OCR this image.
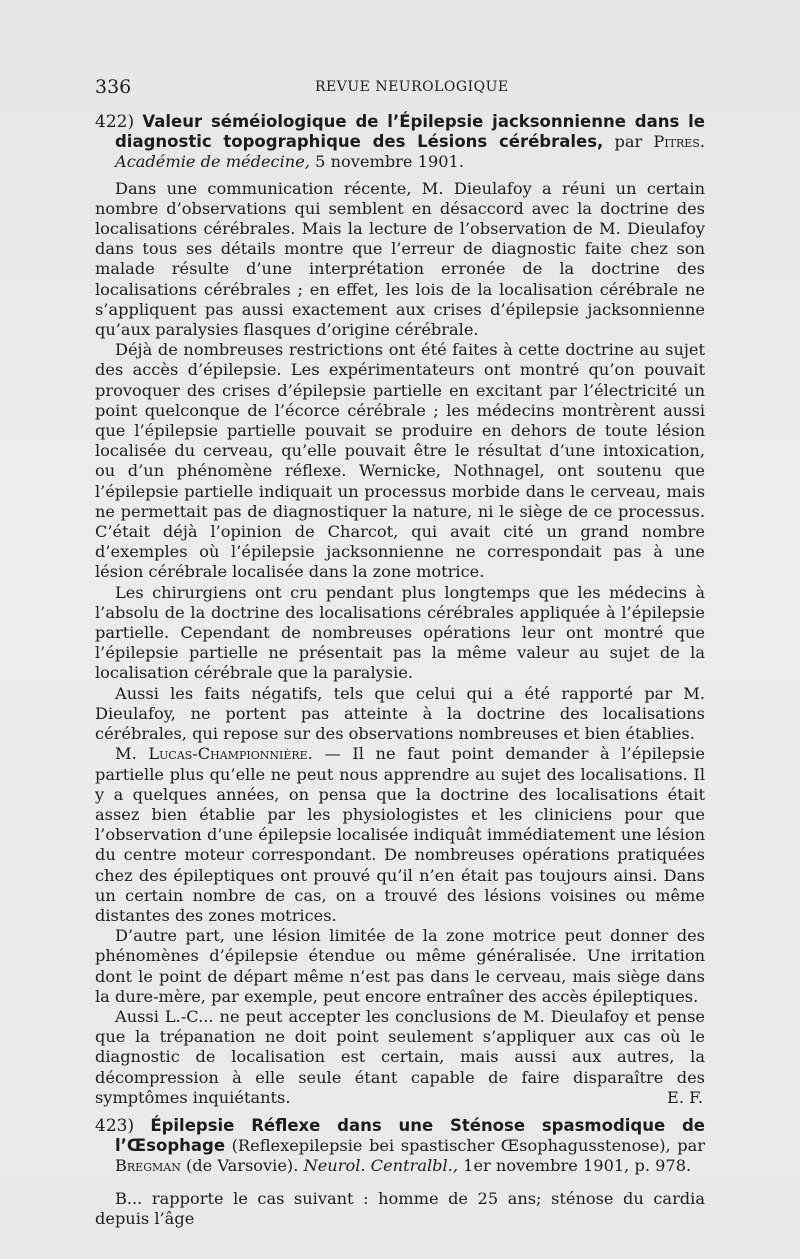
336	REVUE NEUROLOGIQUE
422) Valeur séméiologique de l’Épilepsie jacksonnienne dans le diagnostic topographique des Lésions cérébrales, par Pitres. Académie de médecine, 5 novembre 1901.

Dans une communication récente, M. Dieulafoy a réuni un certain nombre d’observations qui semblent en désaccord avec la doctrine des localisations cérébrales. Mais la lecture de l’observation de M. Dieulafoy dans tous ses détails montre que l’erreur de diagnostic faite chez son malade résulte d’une interprétation erronée de la doctrine des localisations cérébrales ; en effet, les lois de la localisation cérébrale ne s’appliquent pas aussi exactement aux crises d’épilepsie jacksonnienne qu’aux paralysies flasques d’origine cérébrale.

Déjà de nombreuses restrictions ont été faites à cette doctrine au sujet des accès d’épilepsie. Les expérimentateurs ont montré qu’on pouvait provoquer des crises d’épilepsie partielle en excitant par l’électricité un point quelconque de l’écorce cérébrale ; les médecins montrèrent aussi que l’épilepsie partielle pouvait se produire en dehors de toute lésion localisée du cerveau, qu’elle pouvait être le résultat d’une intoxication, ou d’un phénomène réflexe. Wernicke, Nothnagel, ont soutenu que l’épilepsie partielle indiquait un processus morbide dans le cerveau, mais ne permettait pas de diagnostiquer la nature, ni le siège de ce processus. C’était déjà l’opinion de Charcot, qui avait cité un grand nombre d’exemples où l’épilepsie jacksonnienne ne correspondait pas à une lésion cérébrale localisée dans la zone motrice.

Les chirurgiens ont cru pendant plus longtemps que les médecins à l’absolu de la doctrine des localisations cérébrales appliquée à l’épilepsie partielle. Cependant de nombreuses opérations leur ont montré que l’épilepsie partielle ne présentait pas la même valeur au sujet de la localisation cérébrale que la paralysie.

Aussi les faits négatifs, tels que celui qui a été rapporté par M. Dieulafoy, ne portent pas atteinte à la doctrine des localisations cérébrales, qui repose sur des observations nombreuses et bien établies.

M. Lucas-Championnière. — Il ne faut point demander à l’épilepsie partielle plus qu’elle ne peut nous apprendre au sujet des localisations. Il y a quelques années, on pensa que la doctrine des localisations était assez bien établie par les physiologistes et les cliniciens pour que l’observation d’une épilepsie localisée indiquât immédiatement une lésion du centre moteur correspondant. De nombreuses opérations pratiquées chez des épileptiques ont prouvé qu’il n’en était pas toujours ainsi. Dans un certain nombre de cas, on a trouvé des lésions voisines ou même distantes des zones motrices.

D’autre part, une lésion limitée de la zone motrice peut donner des phénomènes d’épilepsie étendue ou même généralisée. Une irritation dont le point de départ même n’est pas dans le cerveau, mais siège dans la dure-mère, par exemple, peut encore entraîner des accès épileptiques.

Aussi L.-C... ne peut accepter les conclusions de M. Dieulafoy et pense que la trépanation ne doit point seulement s’appliquer aux cas où le diagnostic de localisation est certain, mais aussi aux autres, la décompression à elle seule étant capable de faire disparaître des symptômes inquiétants.	E. F.

423) Épilepsie Réflexe dans une Sténose spasmodique de l’Œsophage (Reflexepilepsie bei spastischer Œsophagusstenose), par Bregman (de Varsovie). Neurol. Centralbl., 1er novembre 1901, p. 978.

B... rapporte le cas suivant : homme de 25 ans; sténose du cardia depuis l’âge
